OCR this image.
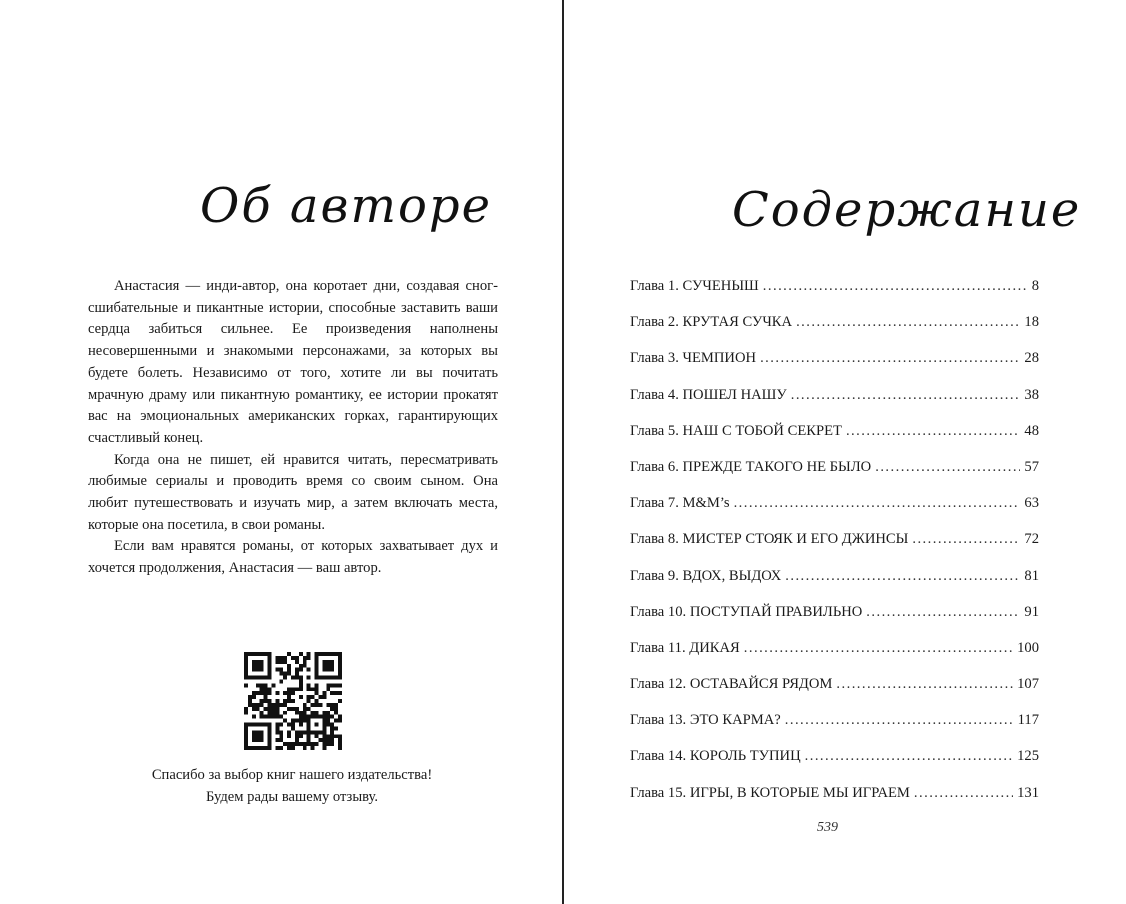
Об авторе

Анастасия — инди-автор, она коротает дни, создавая сногсшибательные и пикантные истории, способные заставить ваши сердца забиться сильнее. Ее произведения наполнены несовершенными и знакомыми персонажами, за которых вы будете болеть. Независимо от того, хотите ли вы почитать мрачную драму или пикантную романтику, ее истории прокатят вас на эмоциональных американских горках, гарантирующих счастливый конец.

Когда она не пишет, ей нравится читать, пересматривать любимые сериалы и проводить время со своим сыном. Она любит путешествовать и изучать мир, а затем включать места, которые она посетила, в свои романы.

Если вам нравятся романы, от которых захватывает дух и хочется продолжения, Анастасия — ваш автор.

Спасибо за выбор книг нашего издательства!
Будем рады вашему отзыву.
Содержание
Глава 1. СУЧЕНЫШ . . .	8
Глава 2. КРУТАЯ СУЧКА . . .	18
Глава 3. ЧЕМПИОН . . .	28
Глава 4. ПОШЕЛ НАШУ . . .	38
Глава 5. НАШ С ТОБОЙ СЕКРЕТ . . .	48
Глава 6. ПРЕЖДЕ ТАКОГО НЕ БЫЛО . . .	57
Глава 7. M&M’s . . .	63
Глава 8. МИСТЕР СТОЯК И ЕГО ДЖИНСЫ . . .	72
Глава 9. ВДОХ, ВЫДОХ . . .	81
Глава 10. ПОСТУПАЙ ПРАВИЛЬНО . . .	91
Глава 11. ДИКАЯ . . .	100
Глава 12. ОСТАВАЙСЯ РЯДОМ . . .	107
Глава 13. ЭТО КАРМА? . . .	117
Глава 14. КОРОЛЬ ТУПИЦ . . .	125
Глава 15. ИГРЫ, В КОТОРЫЕ МЫ ИГРАЕМ . . .	131
539
